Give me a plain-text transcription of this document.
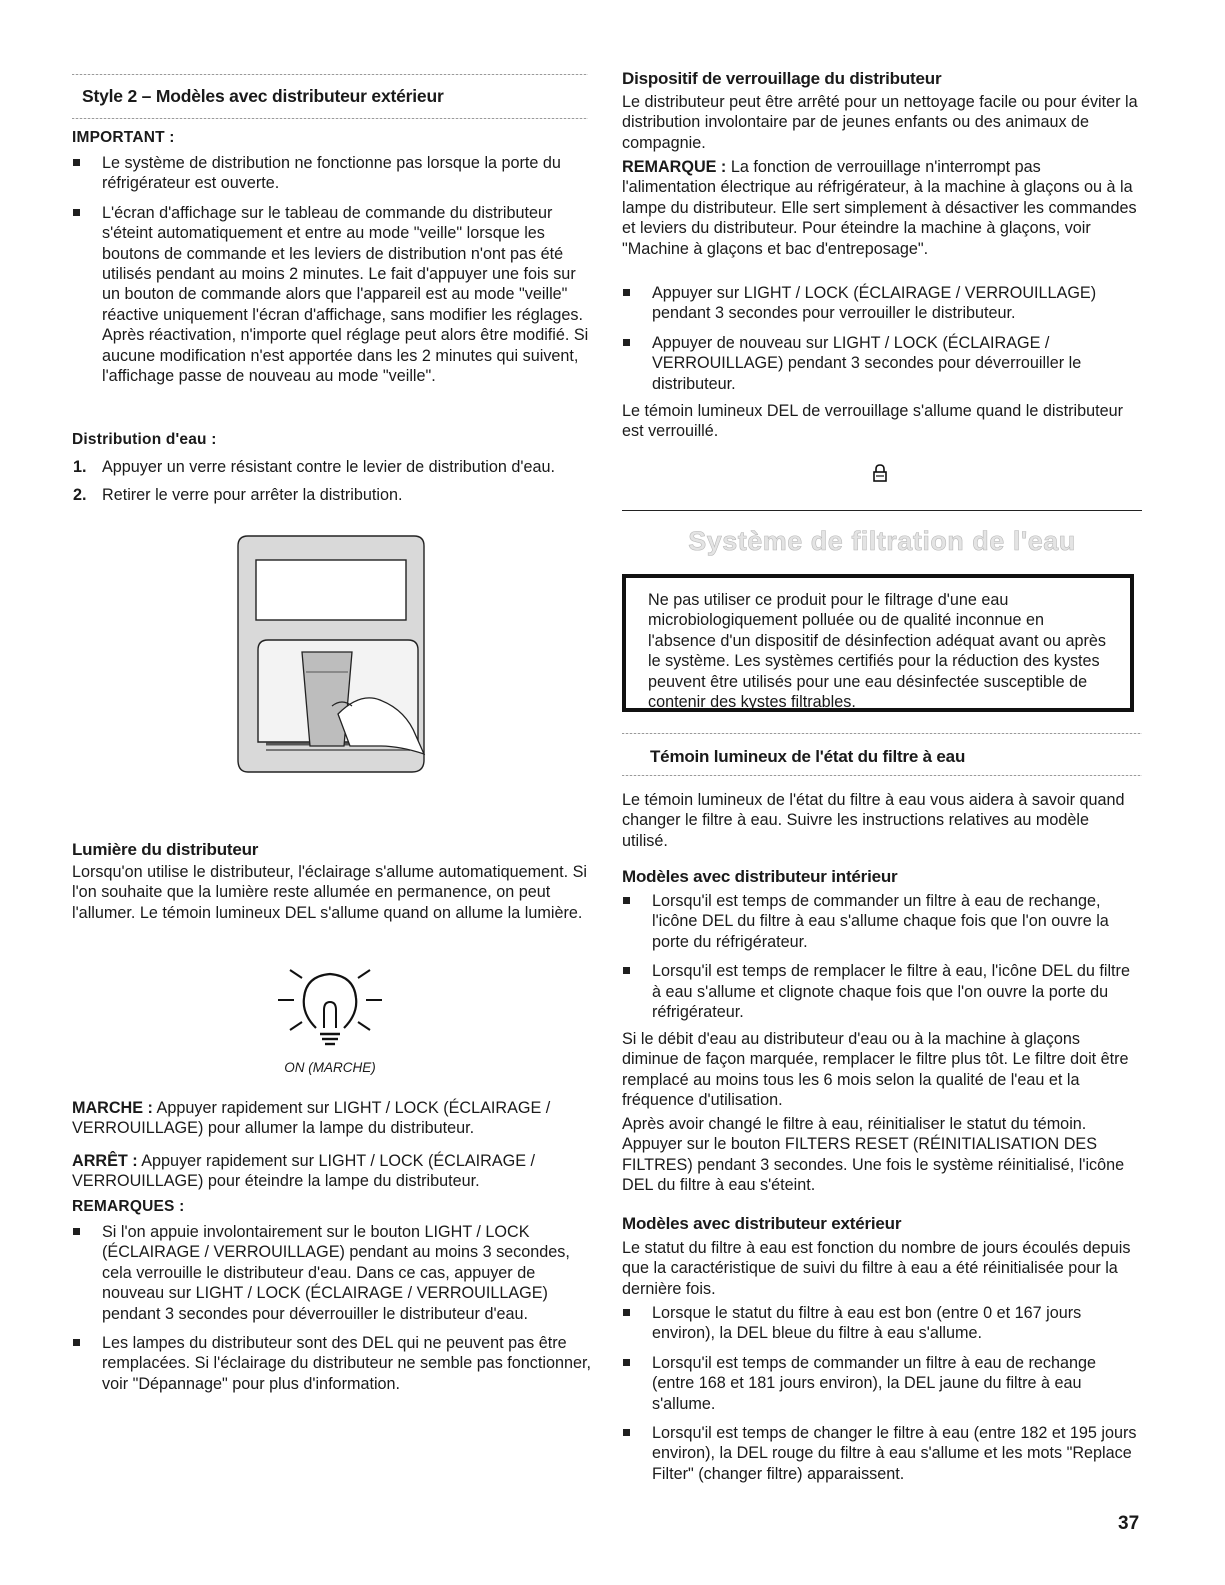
Style 2 – Modèles avec distributeur extérieur
IMPORTANT :
Le système de distribution ne fonctionne pas lorsque la porte du réfrigérateur est ouverte.
L'écran d'affichage sur le tableau de commande du distributeur s'éteint automatiquement et entre au mode "veille" lorsque les boutons de commande et les leviers de distribution n'ont pas été utilisés pendant au moins 2 minutes. Le fait d'appuyer une fois sur un bouton de commande alors que l'appareil est au mode "veille" réactive uniquement l'écran d'affichage, sans modifier les réglages. Après réactivation, n'importe quel réglage peut alors être modifié. Si aucune modification n'est apportée dans les 2 minutes qui suivent, l'affichage passe de nouveau au mode "veille".
Distribution d'eau :
1. Appuyer un verre résistant contre le levier de distribution d'eau.
2. Retirer le verre pour arrêter la distribution.
Lumière du distributeur

Lorsqu'on utilise le distributeur, l'éclairage s'allume automatiquement. Si l'on souhaite que la lumière reste allumée en permanence, on peut l'allumer. Le témoin lumineux DEL s'allume quand on allume la lumière.

ON (MARCHE)

MARCHE : Appuyer rapidement sur LIGHT / LOCK (ÉCLAIRAGE / VERROUILLAGE) pour allumer la lampe du distributeur.

ARRÊT : Appuyer rapidement sur LIGHT / LOCK (ÉCLAIRAGE / VERROUILLAGE) pour éteindre la lampe du distributeur.

REMARQUES :
Si l'on appuie involontairement sur le bouton LIGHT / LOCK (ÉCLAIRAGE / VERROUILLAGE) pendant au moins 3 secondes, cela verrouille le distributeur d'eau. Dans ce cas, appuyer de nouveau sur LIGHT / LOCK (ÉCLAIRAGE / VERROUILLAGE) pendant 3 secondes pour déverrouiller le distributeur d'eau.
Les lampes du distributeur sont des DEL qui ne peuvent pas être remplacées. Si l'éclairage du distributeur ne semble pas fonctionner, voir "Dépannage" pour plus d'information.
Dispositif de verrouillage du distributeur

Le distributeur peut être arrêté pour un nettoyage facile ou pour éviter la distribution involontaire par de jeunes enfants ou des animaux de compagnie.

REMARQUE : La fonction de verrouillage n'interrompt pas l'alimentation électrique au réfrigérateur, à la machine à glaçons ou à la lampe du distributeur. Elle sert simplement à désactiver les commandes et leviers du distributeur. Pour éteindre la machine à glaçons, voir "Machine à glaçons et bac d'entreposage".

Appuyer sur LIGHT / LOCK (ÉCLAIRAGE / VERROUILLAGE) pendant 3 secondes pour verrouiller le distributeur.
Appuyer de nouveau sur LIGHT / LOCK (ÉCLAIRAGE / VERROUILLAGE) pendant 3 secondes pour déverrouiller le distributeur.

Le témoin lumineux DEL de verrouillage s'allume quand le distributeur est verrouillé.

Système de filtration de l'eau

Ne pas utiliser ce produit pour le filtrage d'une eau microbiologiquement polluée ou de qualité inconnue en l'absence d'un dispositif de désinfection adéquat avant ou après le système. Les systèmes certifiés pour la réduction des kystes peuvent être utilisés pour une eau désinfectée susceptible de contenir des kystes filtrables.

Témoin lumineux de l'état du filtre à eau

Le témoin lumineux de l'état du filtre à eau vous aidera à savoir quand changer le filtre à eau. Suivre les instructions relatives au modèle utilisé.

Modèles avec distributeur intérieur
Lorsqu'il est temps de commander un filtre à eau de rechange, l'icône DEL du filtre à eau s'allume chaque fois que l'on ouvre la porte du réfrigérateur.
Lorsqu'il est temps de remplacer le filtre à eau, l'icône DEL du filtre à eau s'allume et clignote chaque fois que l'on ouvre la porte du réfrigérateur.

Si le débit d'eau au distributeur d'eau ou à la machine à glaçons diminue de façon marquée, remplacer le filtre plus tôt. Le filtre doit être remplacé au moins tous les 6 mois selon la qualité de l'eau et la fréquence d'utilisation.

Après avoir changé le filtre à eau, réinitialiser le statut du témoin. Appuyer sur le bouton FILTERS RESET (RÉINITIALISATION DES FILTRES) pendant 3 secondes. Une fois le système réinitialisé, l'icône DEL du filtre à eau s'éteint.

Modèles avec distributeur extérieur

Le statut du filtre à eau est fonction du nombre de jours écoulés depuis que la caractéristique de suivi du filtre à eau a été réinitialisée pour la dernière fois.

Lorsque le statut du filtre à eau est bon (entre 0 et 167 jours environ), la DEL bleue du filtre à eau s'allume.
Lorsqu'il est temps de commander un filtre à eau de rechange (entre 168 et 181 jours environ), la DEL jaune du filtre à eau s'allume.
Lorsqu'il est temps de changer le filtre à eau (entre 182 et 195 jours environ), la DEL rouge du filtre à eau s'allume et les mots "Replace Filter" (changer filtre) apparaissent.
37
